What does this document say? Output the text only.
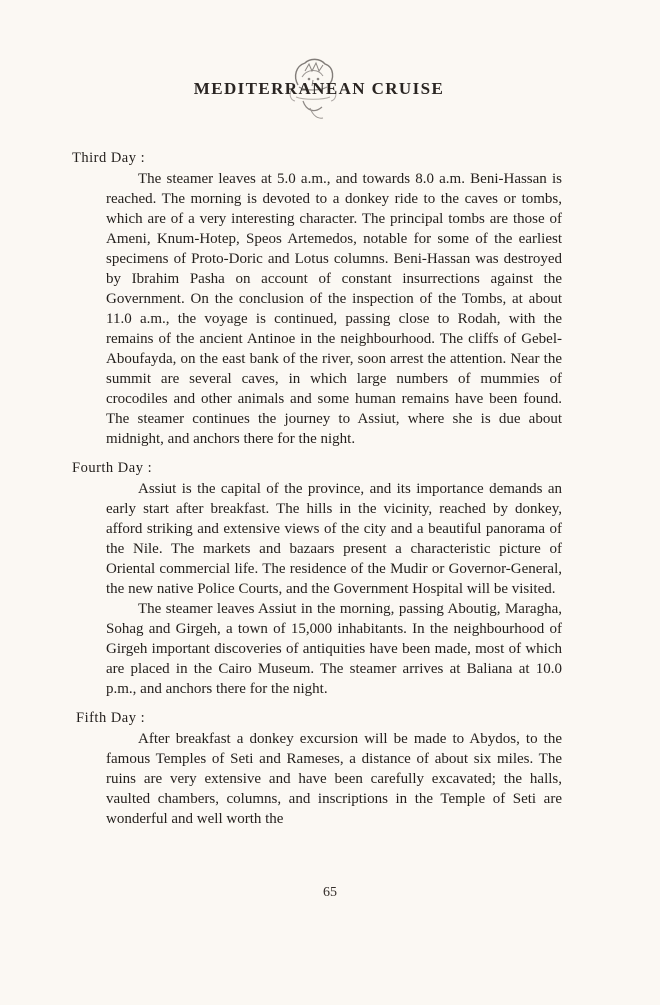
MEDITERRANEAN CRUISE
Third Day :

The steamer leaves at 5.0 a.m., and towards 8.0 a.m. Beni-Hassan is reached. The morning is devoted to a donkey ride to the caves or tombs, which are of a very interesting character. The principal tombs are those of Ameni, Knum-Hotep, Speos Artemedos, notable for some of the earliest specimens of Proto-Doric and Lotus columns. Beni-Hassan was destroyed by Ibrahim Pasha on account of constant insurrections against the Government. On the conclusion of the inspection of the Tombs, at about 11.0 a.m., the voyage is continued, passing close to Rodah, with the remains of the ancient Antinoe in the neighbourhood. The cliffs of Gebel-Aboufayda, on the east bank of the river, soon arrest the attention. Near the summit are several caves, in which large numbers of mummies of crocodiles and other animals and some human remains have been found. The steamer continues the journey to Assiut, where she is due about midnight, and anchors there for the night.

Fourth Day :

Assiut is the capital of the province, and its importance demands an early start after breakfast. The hills in the vicinity, reached by donkey, afford striking and extensive views of the city and a beautiful panorama of the Nile. The markets and bazaars present a characteristic picture of Oriental commercial life. The residence of the Mudir or Governor-General, the new native Police Courts, and the Government Hospital will be visited.

The steamer leaves Assiut in the morning, passing Aboutig, Maragha, Sohag and Girgeh, a town of 15,000 inhabitants. In the neighbourhood of Girgeh important discoveries of antiquities have been made, most of which are placed in the Cairo Museum. The steamer arrives at Baliana at 10.0 p.m., and anchors there for the night.

Fifth Day :

After breakfast a donkey excursion will be made to Abydos, to the famous Temples of Seti and Rameses, a distance of about six miles. The ruins are very extensive and have been carefully excavated; the halls, vaulted chambers, columns, and inscriptions in the Temple of Seti are wonderful and well worth the

65
